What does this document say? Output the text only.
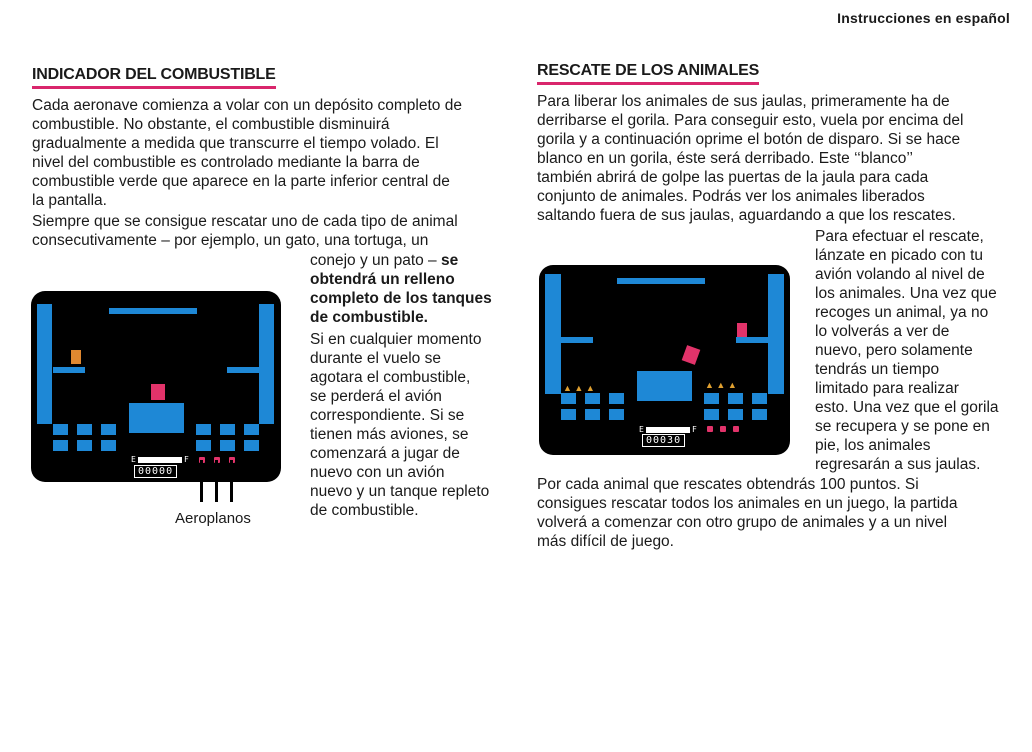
Instrucciones en español
INDICADOR DEL COMBUSTIBLE
Cada aeronave comienza a volar con un depósito completo de
combustible. No obstante, el combustible disminuirá
gradualmente a medida que transcurre el tiempo volado. El
nivel del combustible es controlado mediante la barra de
combustible verde que aparece en la parte inferior central de
la pantalla.
Siempre que se consigue rescatar uno de cada tipo de animal
consecutivamente – por ejemplo, un gato, una tortuga, un
conejo y un pato – se
obtendrá un relleno
completo de los tanques
de combustible.
Si en cualquier momento
durante el vuelo se
agotara el combustible,
se perderá el avión
correspondiente. Si se
tienen más aviones, se
comenzará a jugar de
nuevo con un avión
nuevo y un tanque repleto
de combustible.
E	F
00000
Aeroplanos
RESCATE DE LOS ANIMALES
Para liberar los animales de sus jaulas, primeramente ha de
derribarse el gorila. Para conseguir esto, vuela por encima del
gorila y a continuación oprime el botón de disparo. Si se hace
blanco en un gorila, éste será derribado. Este ‘‘blanco’’
también abrirá de golpe las puertas de la jaula para cada
conjunto de animales. Podrás ver los animales liberados
saltando fuera de sus jaulas, aguardando a que los rescates.
Para efectuar el rescate,
lánzate en picado con tu
avión volando al nivel de
los animales. Una vez que
recoges un animal, ya no
lo volverás a ver de
nuevo, pero solamente
tendrás un tiempo
limitado para realizar
esto. Una vez que el gorila
se recupera y se pone en
pie, los animales
regresarán a sus jaulas.
▲ ▲ ▲	▲ ▲ ▲
E	F
00030
Por cada animal que rescates obtendrás 100 puntos. Si
consigues rescatar todos los animales en un juego, la partida
volverá a comenzar con otro grupo de animales y a un nivel
más difícil de juego.
